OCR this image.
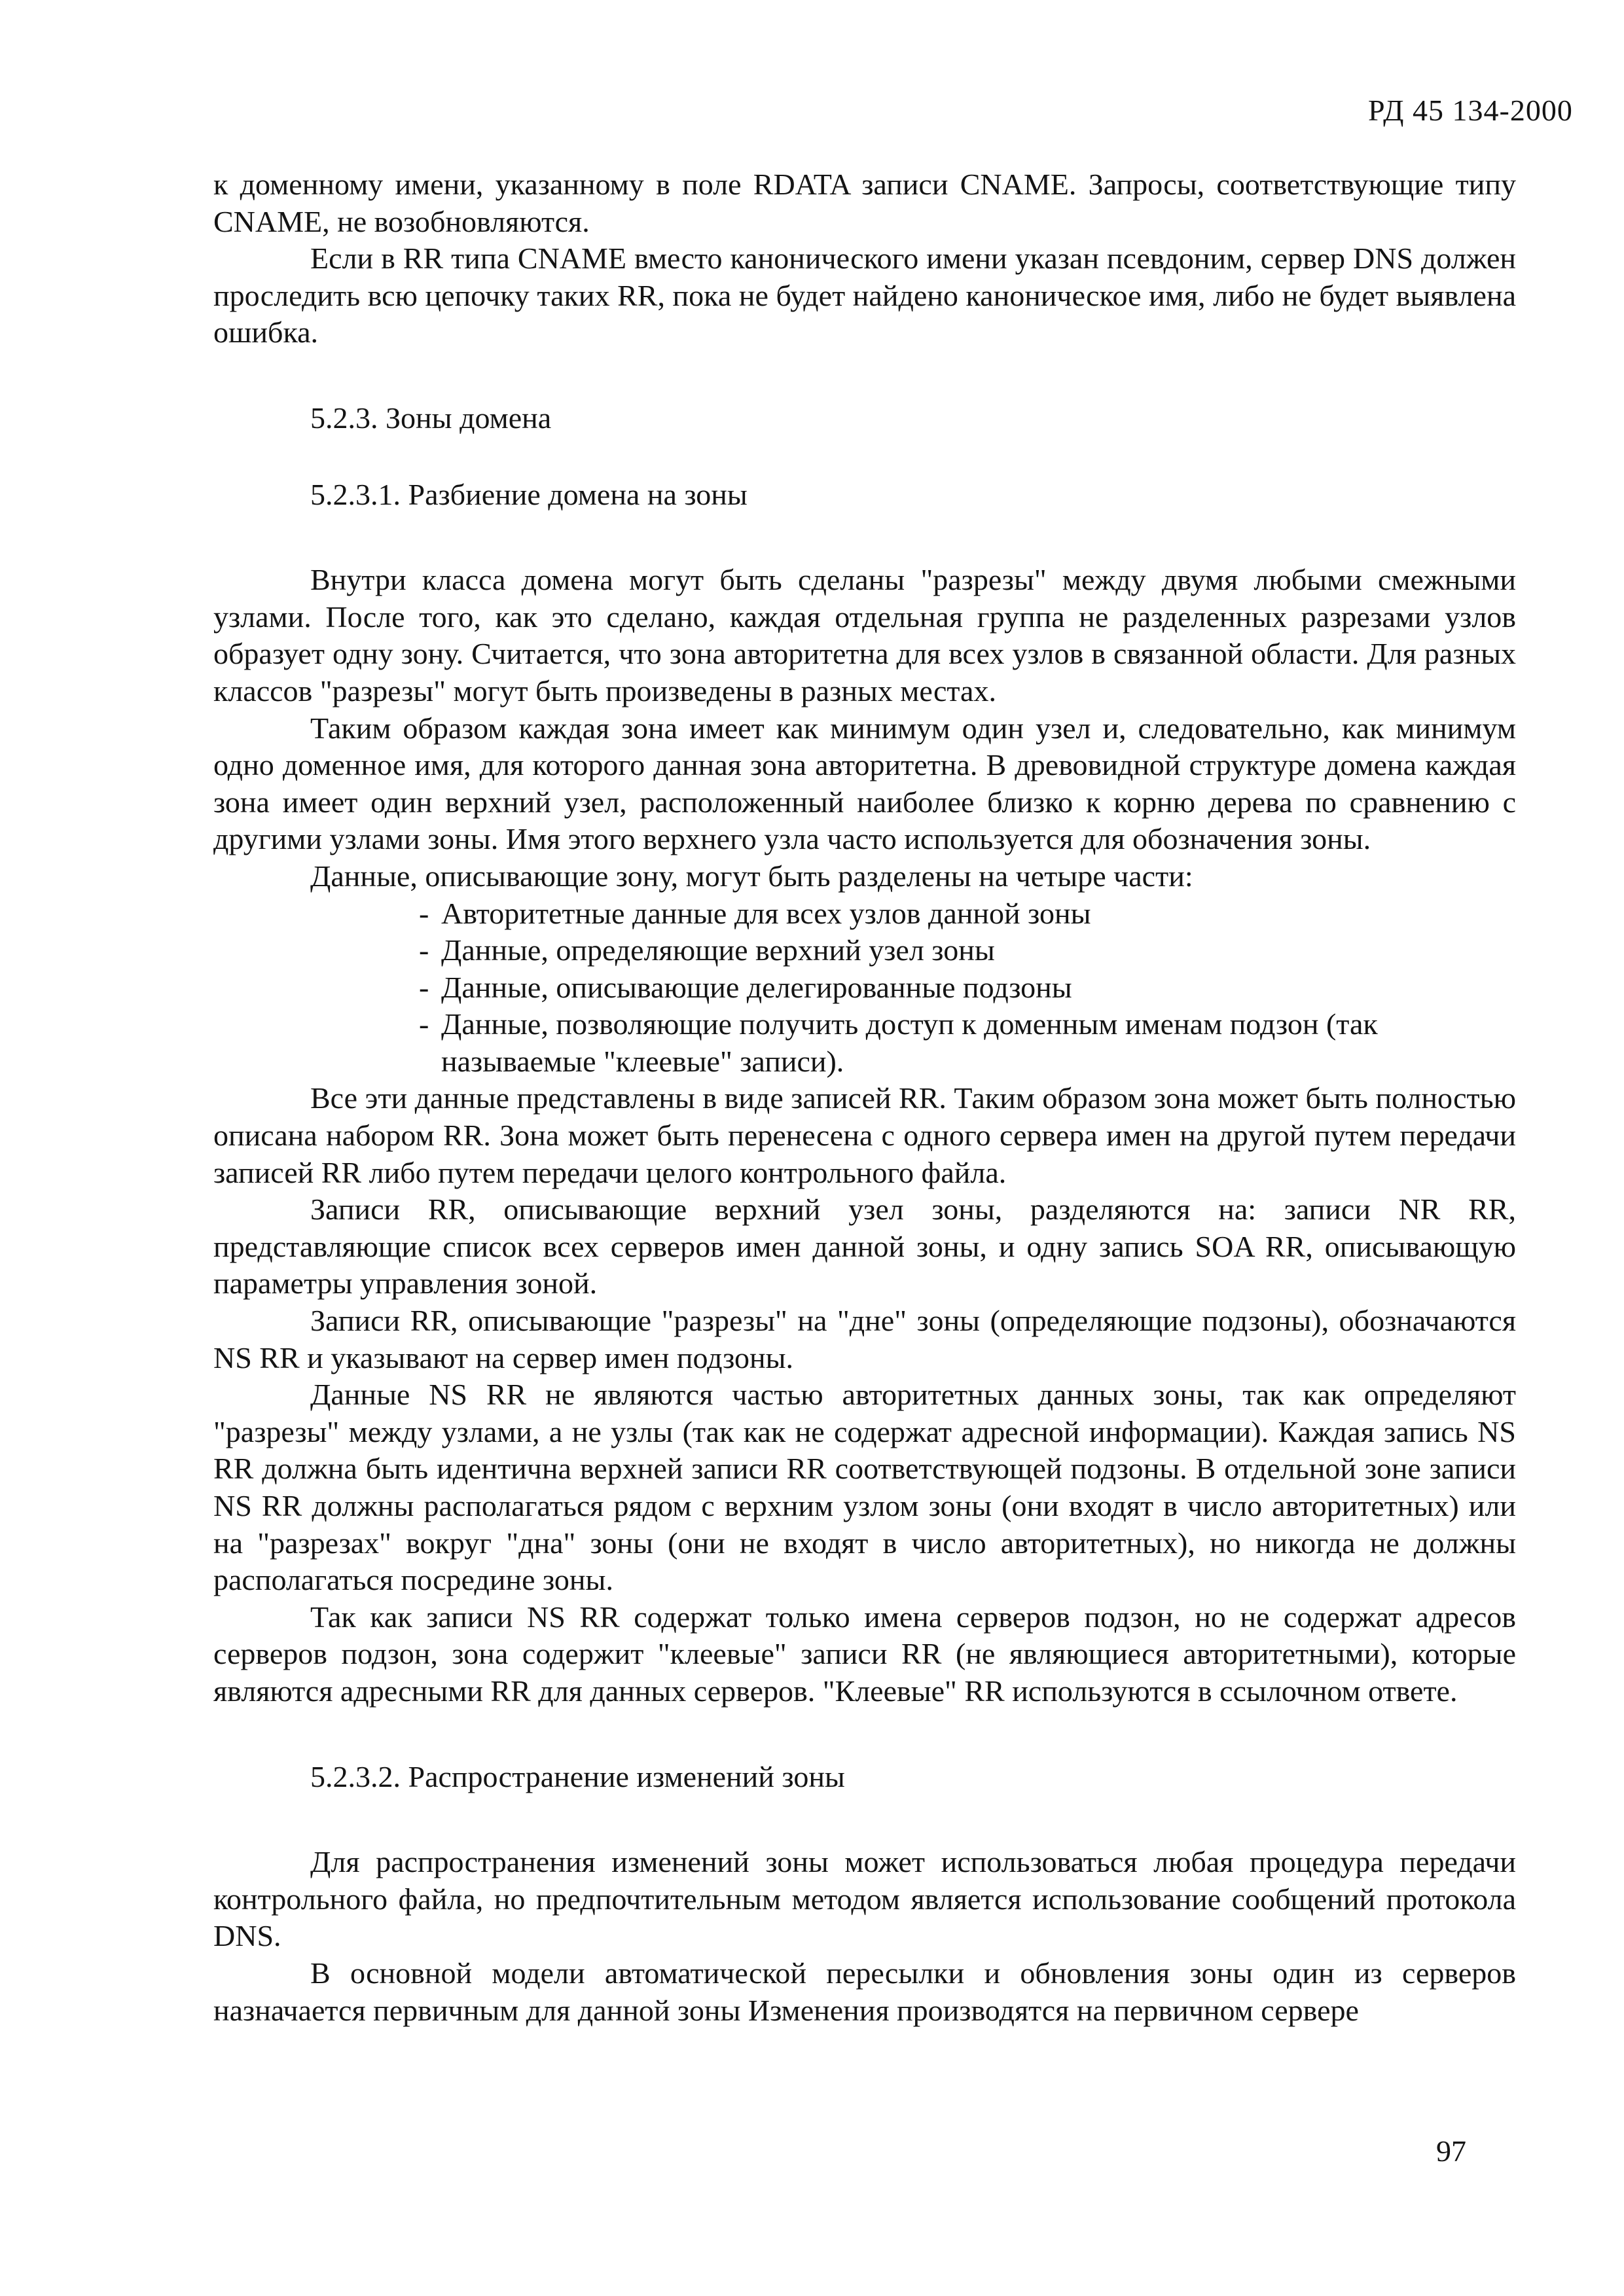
РД 45 134-2000

к доменному имени, указанному в поле RDATA записи CNAME. Запросы, соответствующие типу CNAME, не возобновляются.

Если в RR типа CNAME вместо канонического имени указан псевдоним, сервер DNS должен проследить всю цепочку таких RR, пока не будет найдено каноническое имя, либо не будет выявлена ошибка.

5.2.3. Зоны домена

5.2.3.1. Разбиение домена на зоны

Внутри класса домена могут быть сделаны "разрезы" между двумя любыми смежными узлами. После того, как это сделано, каждая отдельная группа не разделенных разрезами узлов образует одну зону. Считается, что зона авторитетна для всех узлов в связанной области. Для разных классов "разрезы" могут быть произведены в разных местах.

Таким образом каждая зона имеет как минимум один узел и, следовательно, как минимум одно доменное имя, для которого данная зона авторитетна. В древовидной структуре домена каждая зона имеет один верхний узел, расположенный наиболее близко к корню дерева по сравнению с другими узлами зоны. Имя этого верхнего узла часто используется для обозначения зоны.

Данные, описывающие зону, могут быть разделены на четыре части:

- Авторитетные данные для всех узлов данной зоны
- Данные, определяющие верхний узел зоны
- Данные, описывающие делегированные подзоны
- Данные, позволяющие получить доступ к доменным именам подзон (так называемые "клеевые" записи).

Все эти данные представлены в виде записей RR. Таким образом зона может быть полностью описана набором RR. Зона может быть перенесена с одного сервера имен на другой путем передачи записей RR либо путем передачи целого контрольного файла.

Записи RR, описывающие верхний узел зоны, разделяются на: записи NR RR, представляющие список всех серверов имен данной зоны, и одну запись SOA RR, описывающую параметры управления зоной.

Записи RR, описывающие "разрезы" на "дне" зоны (определяющие подзоны), обозначаются NS RR и указывают на сервер имен подзоны.

Данные NS RR не являются частью авторитетных данных зоны, так как определяют "разрезы" между узлами, а не узлы (так как не содержат адресной информации). Каждая запись NS RR должна быть идентична верхней записи RR соответствующей подзоны. В отдельной зоне записи NS RR должны располагаться рядом с верхним узлом зоны (они входят в число авторитетных) или на "разрезах" вокруг "дна" зоны (они не входят в число авторитетных), но никогда не должны располагаться посредине зоны.

Так как записи NS RR содержат только имена серверов подзон, но не содержат адресов серверов подзон, зона содержит "клеевые" записи RR (не являющиеся авторитетными), которые являются адресными RR для данных серверов. "Клеевые" RR используются в ссылочном ответе.

5.2.3.2. Распространение изменений зоны

Для распространения изменений зоны может использоваться любая процедура передачи контрольного файла, но предпочтительным методом является использование сообщений протокола DNS.

В основной модели автоматической пересылки и обновления зоны один из серверов назначается первичным для данной зоны Изменения производятся на первичном сервере

97
